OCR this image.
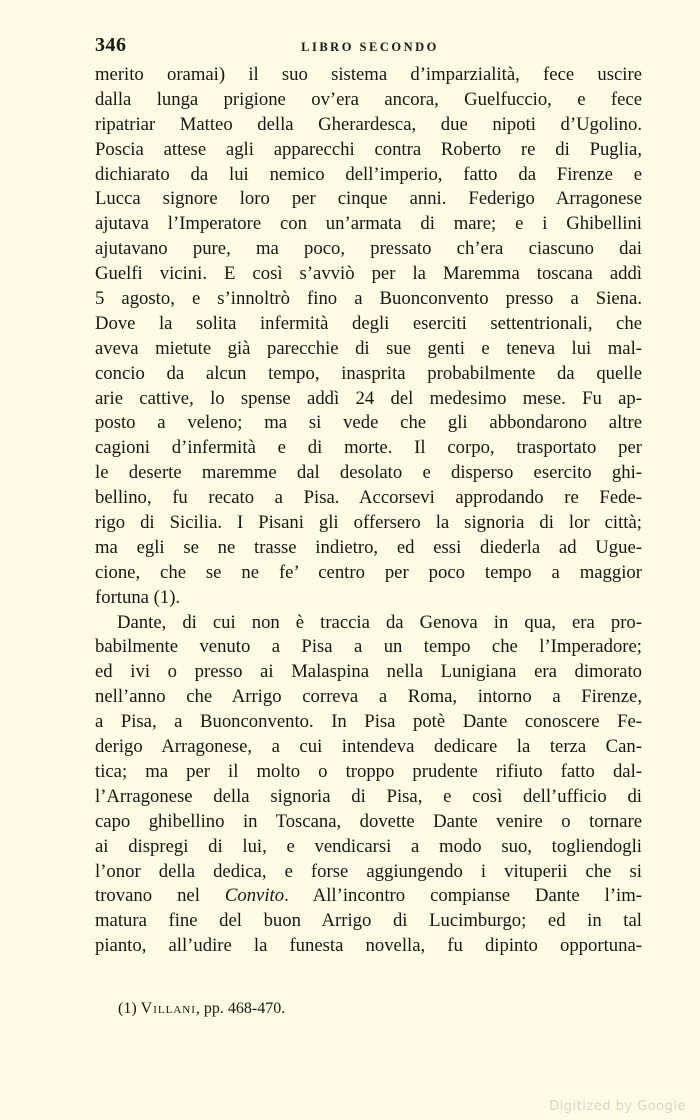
346	LIBRO SECONDO
merito oramai) il suo sistema d’imparzialità, fece uscire
dalla lunga prigione ov’era ancora, Guelfuccio, e fece
ripatriar Matteo della Gherardesca, due nipoti d’Ugolino.
Poscia attese agli apparecchi contra Roberto re di Puglia,
dichiarato da lui nemico dell’imperio, fatto da Firenze e
Lucca signore loro per cinque anni. Federigo Arragonese
ajutava l’Imperatore con un’armata di mare; e i Ghibellini
ajutavano pure, ma poco, pressato ch’era ciascuno dai
Guelfi vicini. E così s’avviò per la Maremma toscana addì
5 agosto, e s’innoltrò fino a Buonconvento presso a Siena.
Dove la solita infermità degli eserciti settentrionali, che
aveva mietute già parecchie di sue genti e teneva lui mal-
concio da alcun tempo, inasprita probabilmente da quelle
arie cattive, lo spense addì 24 del medesimo mese. Fu ap-
posto a veleno; ma si vede che gli abbondarono altre
cagioni d’infermità e di morte. Il corpo, trasportato per
le deserte maremme dal desolato e disperso esercito ghi-
bellino, fu recato a Pisa. Accorsevi approdando re Fede-
rigo di Sicilia. I Pisani gli offersero la signoria di lor città;
ma egli se ne trasse indietro, ed essi diederla ad Ugue-
cione, che se ne fe’ centro per poco tempo a maggior
fortuna (1).
Dante, di cui non è traccia da Genova in qua, era pro-
babilmente venuto a Pisa a un tempo che l’Imperadore;
ed ivi o presso ai Malaspina nella Lunigiana era dimorato
nell’anno che Arrigo correva a Roma, intorno a Firenze,
a Pisa, a Buonconvento. In Pisa potè Dante conoscere Fe-
derigo Arragonese, a cui intendeva dedicare la terza Can-
tica; ma per il molto o troppo prudente rifiuto fatto dal-
l’Arragonese della signoria di Pisa, e così dell’ufficio di
capo ghibellino in Toscana, dovette Dante venire o tornare
ai dispregi di lui, e vendicarsi a modo suo, togliendogli
l’onor della dedica, e forse aggiungendo i vituperii che si
trovano nel Convito. All’incontro compianse Dante l’im-
matura fine del buon Arrigo di Lucimburgo; ed in tal
pianto, all’udire la funesta novella, fu dipinto opportuna-
(1) Villani, pp. 468-470.
Digitized by Google
